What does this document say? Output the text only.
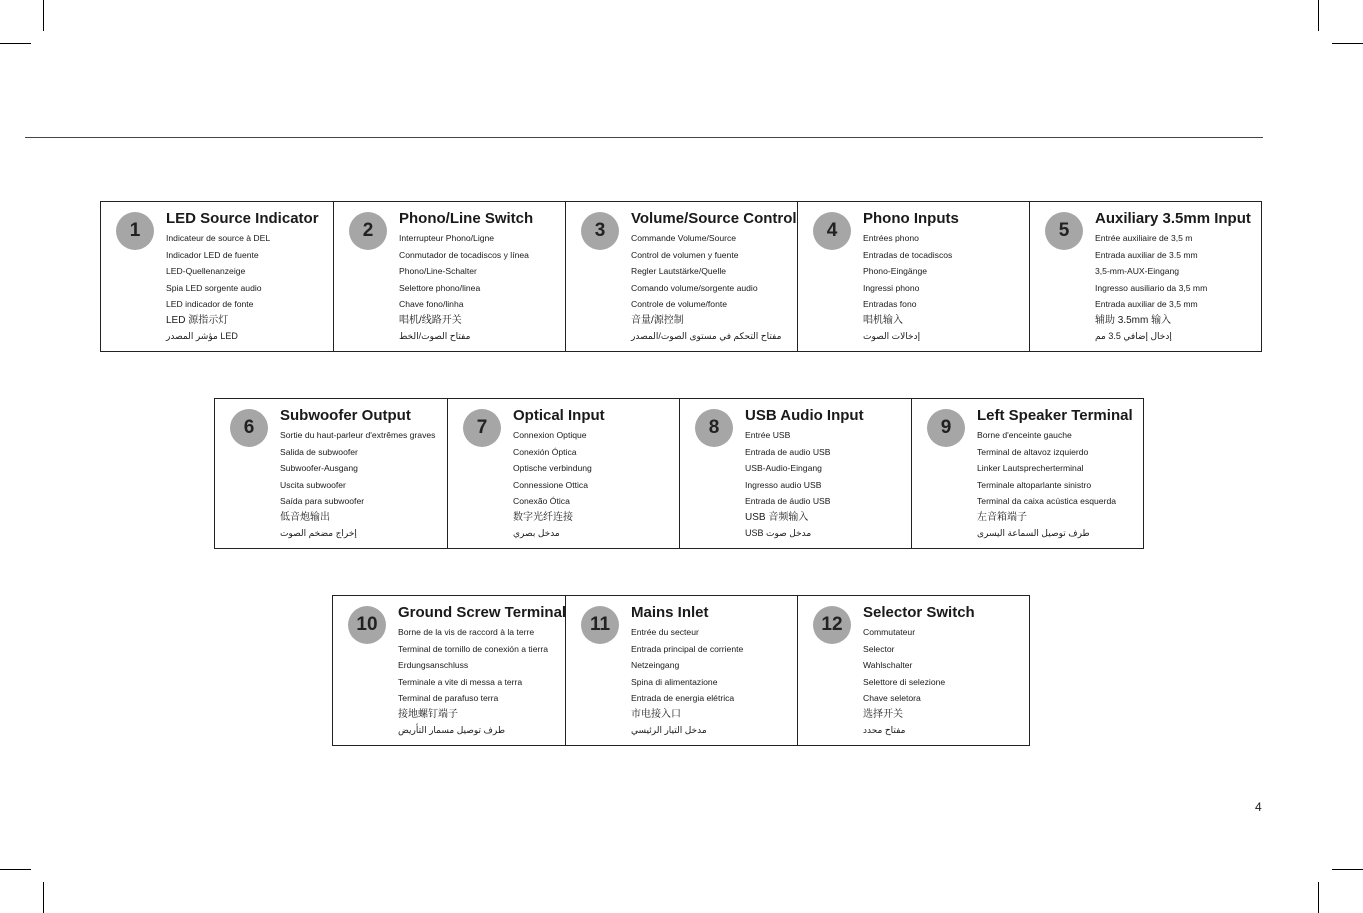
1
LED Source Indicator
Indicateur de source à DEL
Indicador LED de fuente
LED-Quellenanzeige
Spia LED sorgente audio
LED indicador de fonte
LED 源指示灯
LED مؤشر المصدر
2
Phono/Line Switch
Interrupteur Phono/Ligne
Conmutador de tocadiscos y línea
Phono/Line-Schalter
Selettore phono/linea
Chave fono/linha
唱机/线路开关
مفتاح الصوت/الخط
3
Volume/Source Control
Commande Volume/Source
Control de volumen y fuente
Regler Lautstärke/Quelle
Comando volume/sorgente audio
Controle de volume/fonte
音量/源控制
مفتاح التحكم في مستوى الصوت/المصدر
4
Phono Inputs
Entrées phono
Entradas de tocadiscos
Phono-Eingänge
Ingressi phono
Entradas fono
唱机输入
إدخالات الصوت
5
Auxiliary 3.5mm Input
Entrée auxiliaire de 3,5 m
Entrada auxiliar de 3.5 mm
3,5-mm-AUX-Eingang
Ingresso ausiliario da 3,5 mm
Entrada auxiliar de 3,5 mm
辅助 3.5mm 输入
إدخال إضافي 3.5 مم
6
Subwoofer Output
Sortie du haut-parleur d'extrêmes graves
Salida de subwoofer
Subwoofer-Ausgang
Uscita subwoofer
Saída para subwoofer
低音炮输出
إخراج مضخم الصوت
7
Optical Input
Connexion Optique
Conexión Óptica
Optische verbindung
Connessione Ottica
Conexão Ótica
数字光纤连接
مدخل بصري
8
USB Audio Input
Entrée USB
Entrada de audio USB
USB-Audio-Eingang
Ingresso audio USB
Entrada de áudio USB
USB 音频输入
مدخل صوت USB
9
Left Speaker Terminal
Borne d'enceinte gauche
Terminal de altavoz izquierdo
Linker Lautsprecherterminal
Terminale altoparlante sinistro
Terminal da caixa acústica esquerda
左音箱端子
طرف توصيل السماعة اليسرى
10
Ground Screw Terminal
Borne de la vis de raccord à la terre
Terminal de tornillo de conexión a tierra
Erdungsanschluss
Terminale a vite di messa a terra
Terminal de parafuso terra
接地螺钉端子
طرف توصيل مسمار التأريض
11
Mains Inlet
Entrée du secteur
Entrada principal de corriente
Netzeingang
Spina di alimentazione
Entrada de energia elétrica
市电接入口
مدخل التيار الرئيسي
12
Selector Switch
Commutateur
Selector
Wahlschalter
Selettore di selezione
Chave seletora
选择开关
مفتاح محدد
4
